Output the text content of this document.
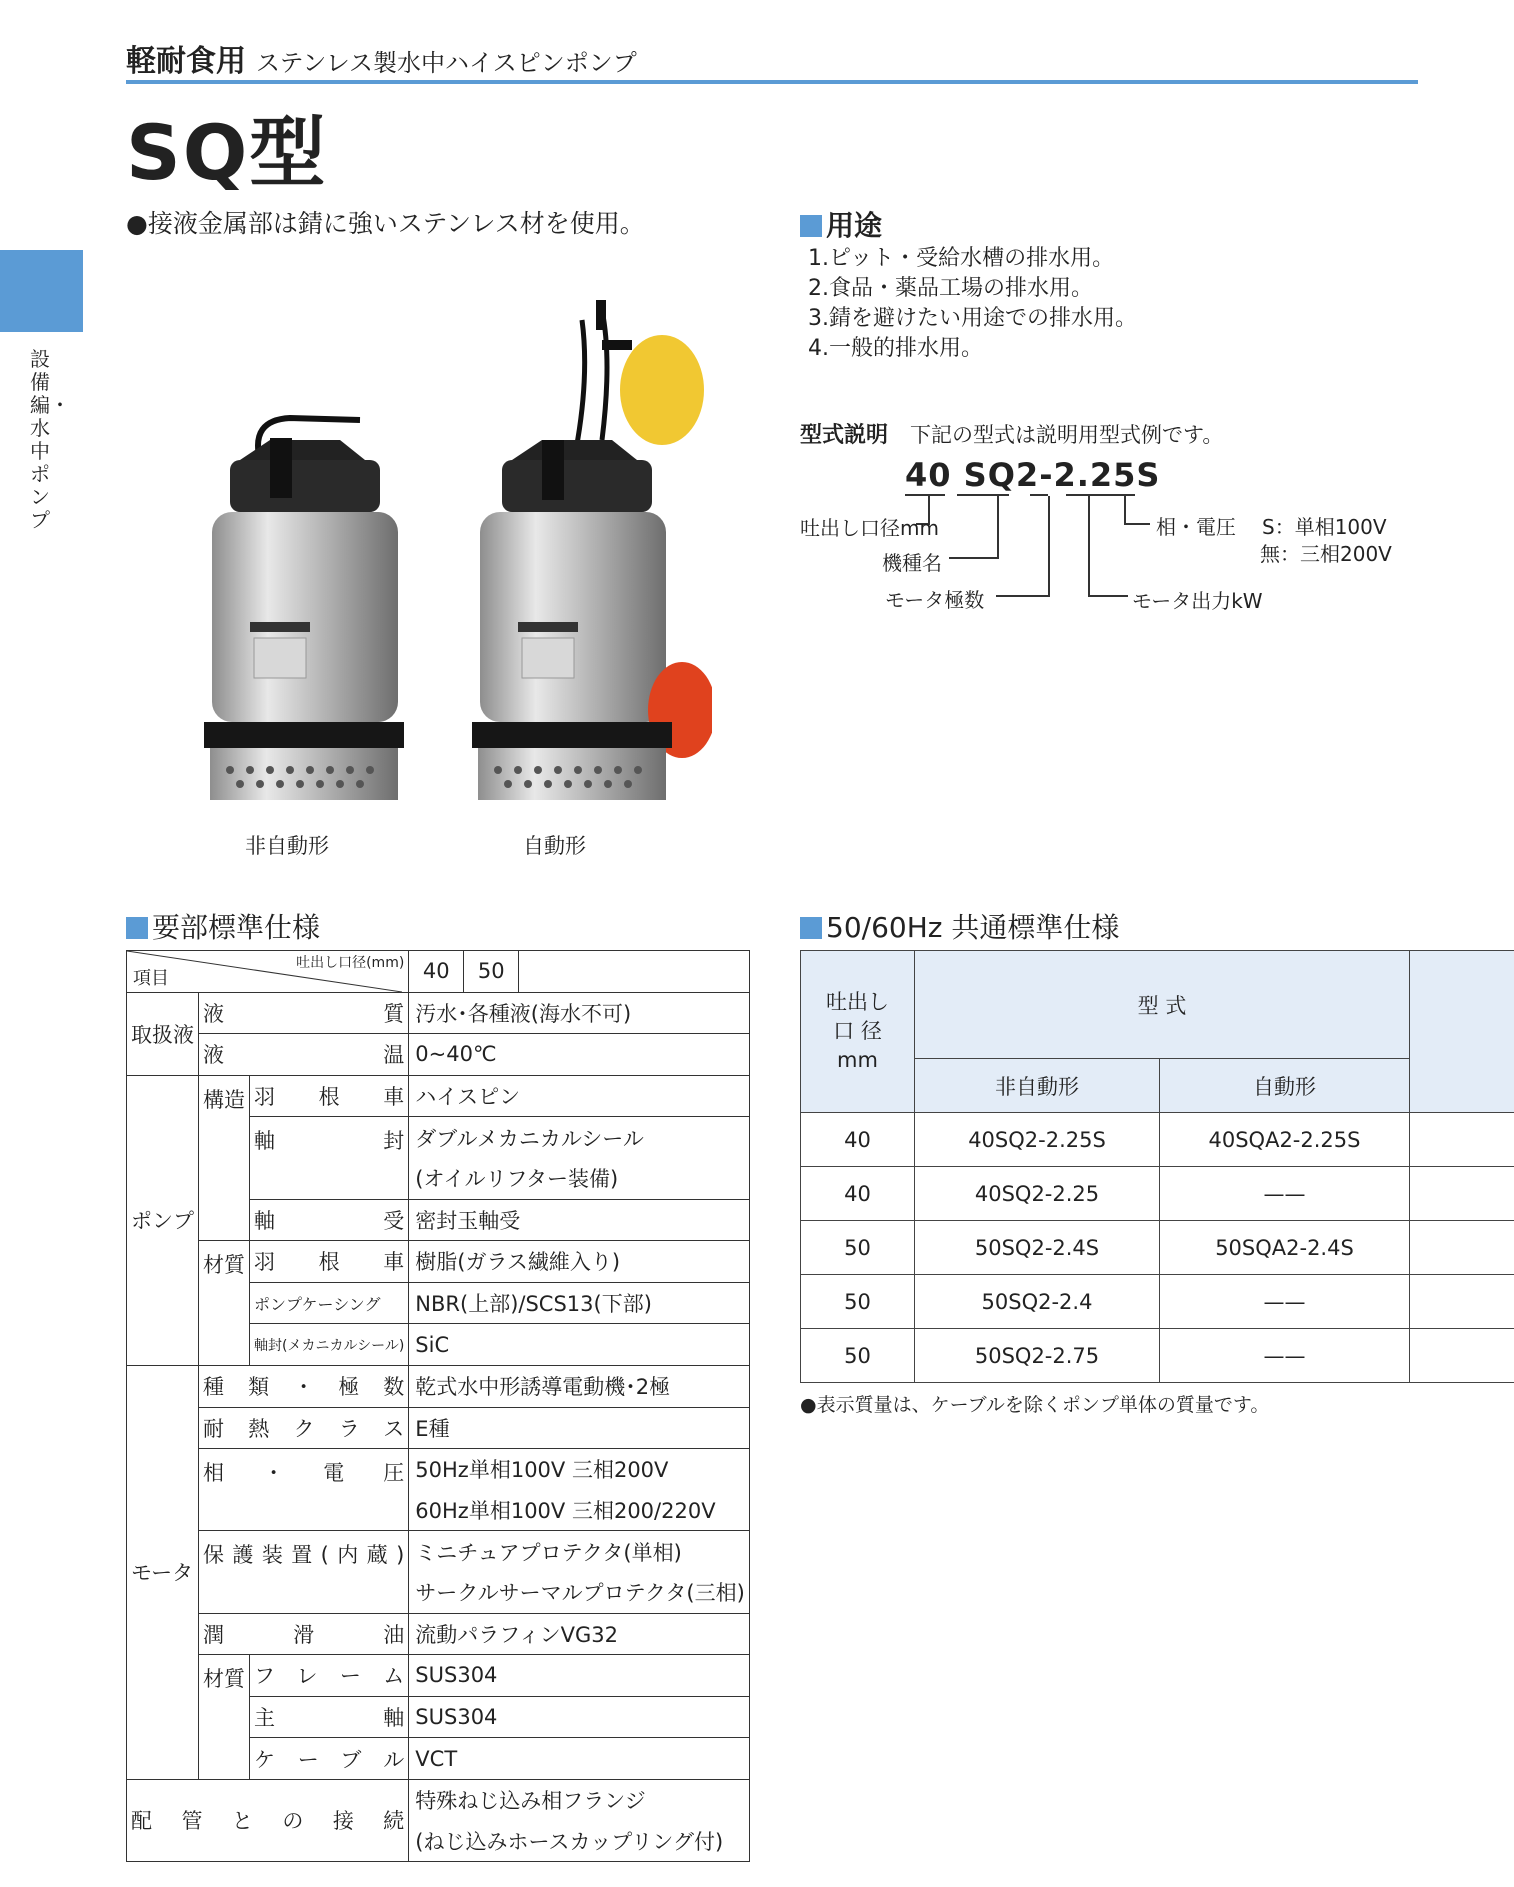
軽耐食用 ステンレス製水中ハイスピンポンプ
SQ型
設備編・水中ポンプ
●接液金属部は錆に強いステンレス材を使用。	用途
1.ピット・受給水槽の排水用。
2.食品・薬品工場の排水用。
3.錆を避けたい用途での排水用。
4.一般的排水用。
型式説明 下記の型式は説明用型式例です。
40 SQ2-2.25S
吐出し口径mm
機種名
モータ極数	モータ出力kW
相・電圧 S：単相100V
無：三相200V
非自動形	自動形
要部標準仕様
吐出し口径(mm)
項目			40	50	
取扱液	液質		汚水･各種液(海水不可)		
	液温		0~40℃		
ポンプ	構造	羽根車	ハイスピン		
		軸封	ダブルメカニカルシール		
			(オイルリフター装備)		
		軸受	密封玉軸受		
	材質	羽根車	樹脂(ガラス繊維入り)		
		ポンプケーシング	NBR(上部)/SCS13(下部)		
		軸封(メカニカルシール)	SiC		
モータ	種類・極数		乾式水中形誘導電動機･2極		
	耐熱クラス		E種		
	相・電圧		50Hz単相100V 三相200V		
			60Hz単相100V 三相200/220V		
	保護装置(内蔵)		ミニチュアプロテクタ(単相)		
			サークルサーマルプロテクタ(三相)		
	潤滑油		流動パラフィンVG32		
	材質	フレーム	SUS304		
		主軸	SUS304		
		ケーブル	VCT		
配管との接続			特殊ねじ込み相フランジ		
			(ねじ込みホースカップリング付)		
50/60Hz 共通標準仕様
吐出し
口 径
mm	型 式		
	非自動形	自動形	
40	40SQ2-2.25S	40SQA2-2.25S	
40	40SQ2-2.25	——	
50	50SQ2-2.4S	50SQA2-2.4S	
50	50SQ2-2.4	——	
50	50SQ2-2.75	——	
●表示質量は、ケーブルを除くポンプ単体の質量です。
